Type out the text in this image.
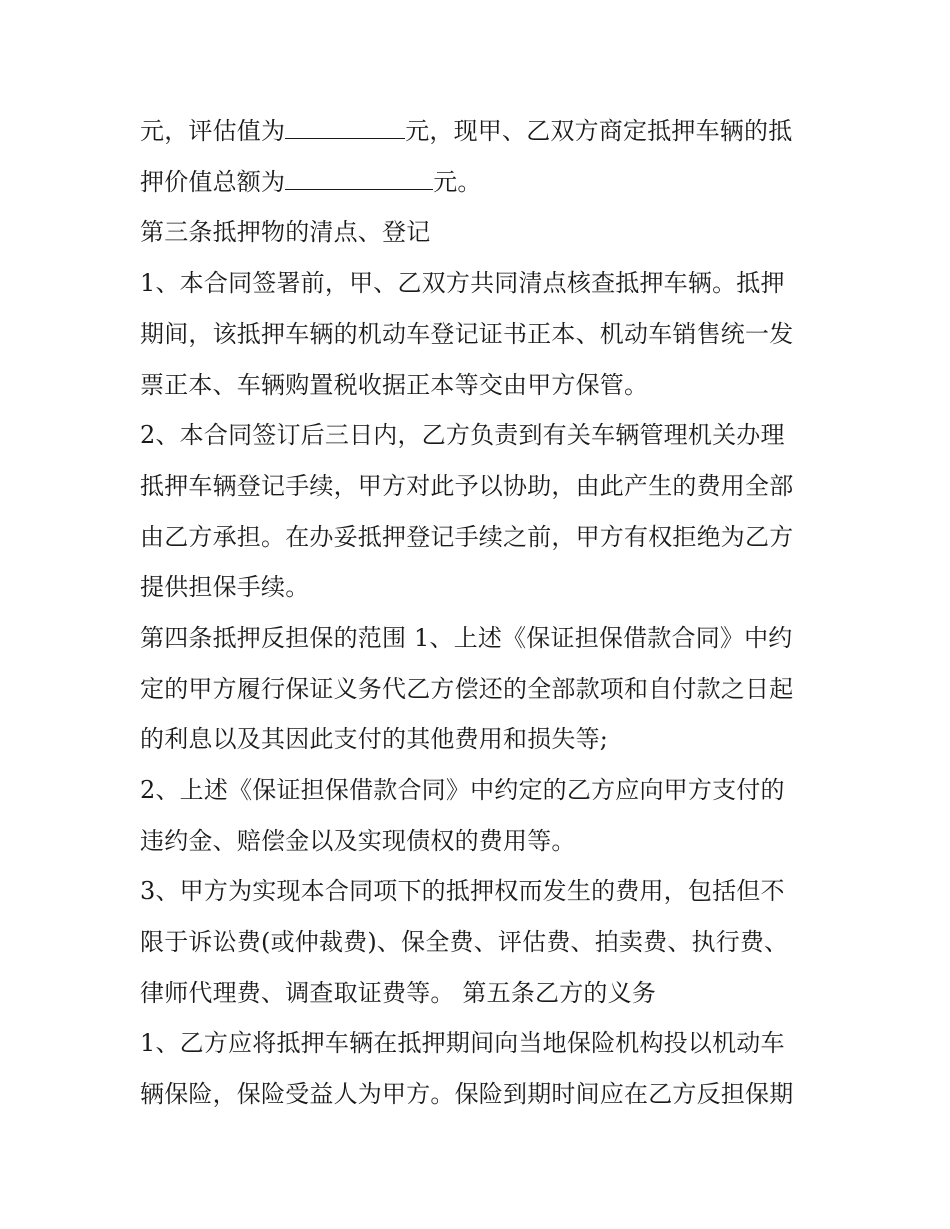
元，评估值为	元，现甲、乙双方商定抵押车辆的抵
押价值总额为	元。
第三条抵押物的清点、登记
1、本合同签署前，甲、乙双方共同清点核查抵押车辆。抵押
期间，该抵押车辆的机动车登记证书正本、机动车销售统一发
票正本、车辆购置税收据正本等交由甲方保管。
2、本合同签订后三日内，乙方负责到有关车辆管理机关办理
抵押车辆登记手续，甲方对此予以协助，由此产生的费用全部
由乙方承担。在办妥抵押登记手续之前，甲方有权拒绝为乙方
提供担保手续。
第四条抵押反担保的范围 1、上述《保证担保借款合同》中约
定的甲方履行保证义务代乙方偿还的全部款项和自付款之日起
的利息以及其因此支付的其他费用和损失等;
2、上述《保证担保借款合同》中约定的乙方应向甲方支付的
违约金、赔偿金以及实现债权的费用等。
3、甲方为实现本合同项下的抵押权而发生的费用，包括但不
限于诉讼费(或仲裁费)、保全费、评估费、拍卖费、执行费、
律师代理费、调查取证费等。 第五条乙方的义务
1、乙方应将抵押车辆在抵押期间向当地保险机构投以机动车
辆保险，保险受益人为甲方。保险到期时间应在乙方反担保期
